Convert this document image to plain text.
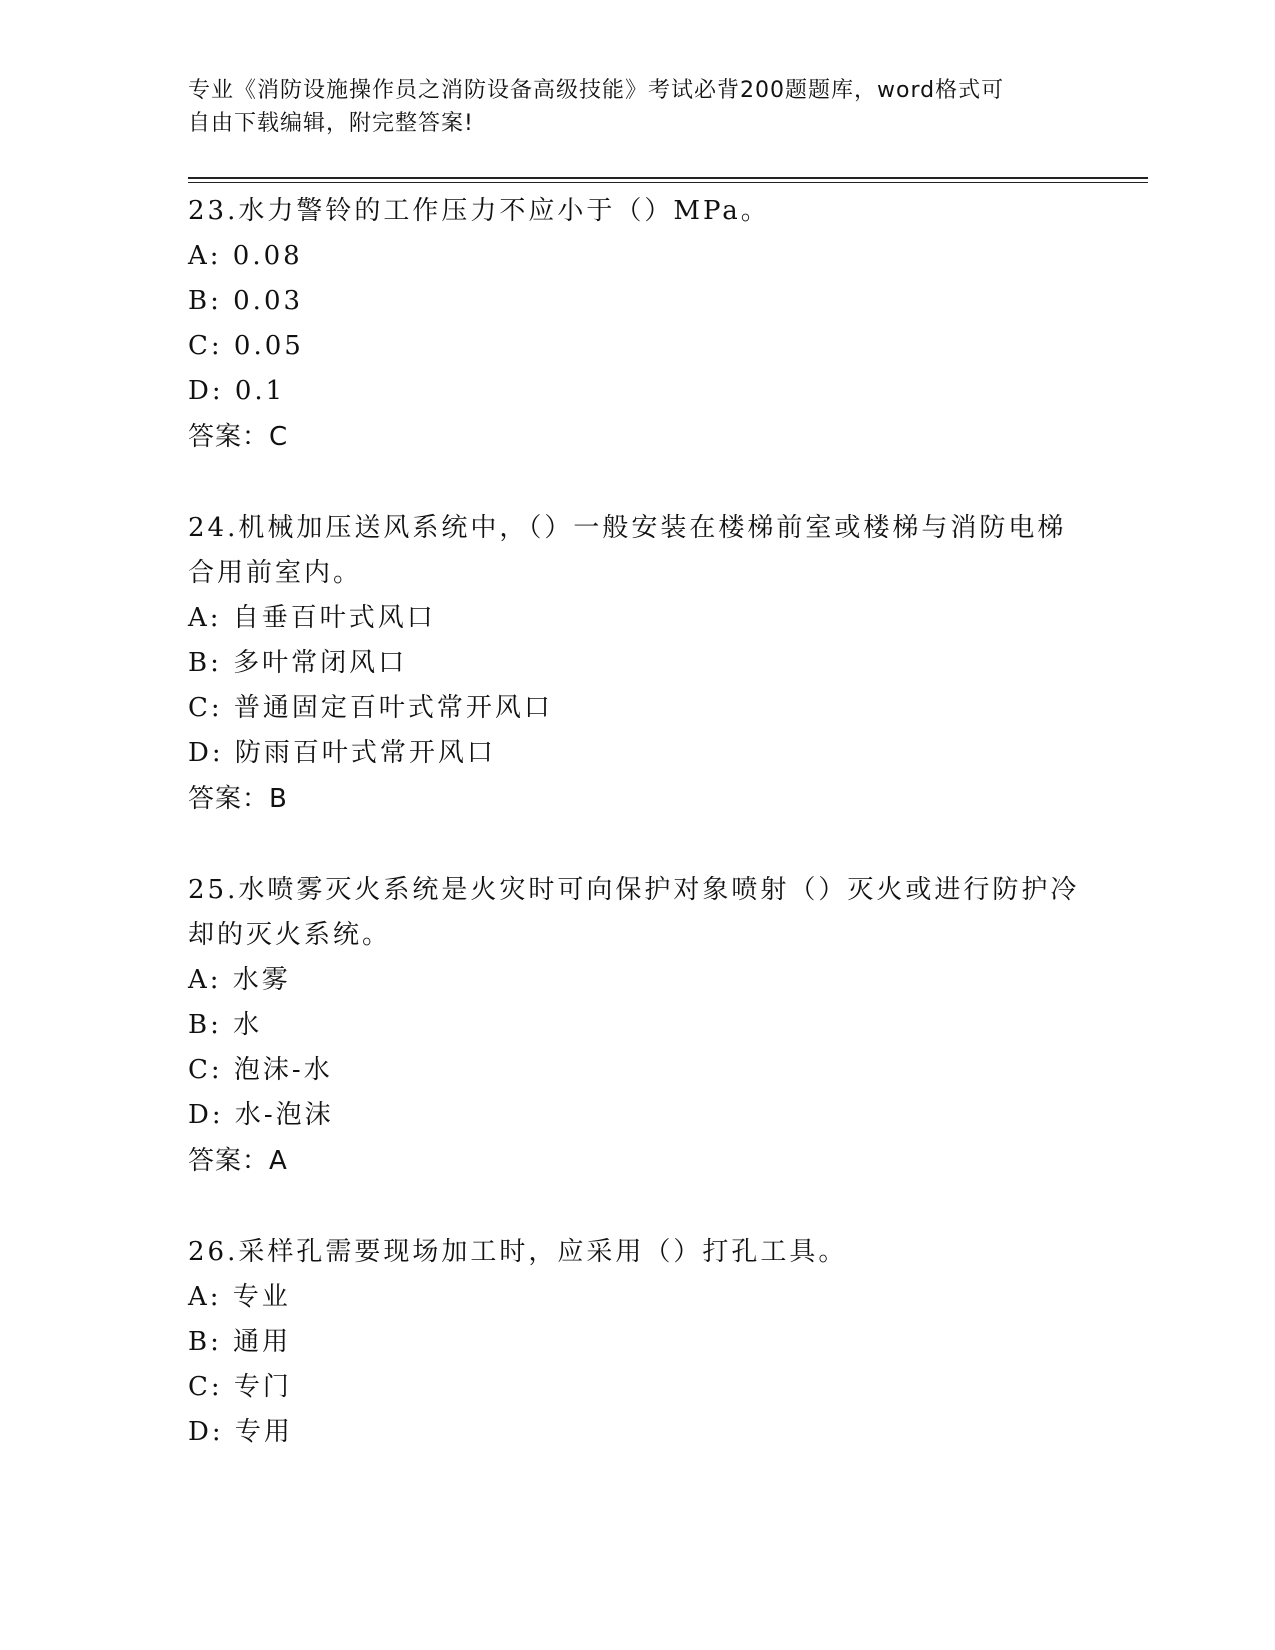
专业《消防设施操作员之消防设备高级技能》考试必背200题题库，word格式可
自由下载编辑，附完整答案!
23.水力警铃的工作压力不应小于（）MPa。
A: 0.08
B: 0.03
C: 0.05
D: 0.1
答案：C
24.机械加压送风系统中，（）一般安装在楼梯前室或楼梯与消防电梯
合用前室内。
A: 自垂百叶式风口
B: 多叶常闭风口
C: 普通固定百叶式常开风口
D: 防雨百叶式常开风口
答案：B
25.水喷雾灭火系统是火灾时可向保护对象喷射（）灭火或进行防护冷
却的灭火系统。
A: 水雾
B: 水
C: 泡沫-水
D: 水-泡沫
答案：A
26.采样孔需要现场加工时，应采用（）打孔工具。
A: 专业
B: 通用
C: 专门
D: 专用
